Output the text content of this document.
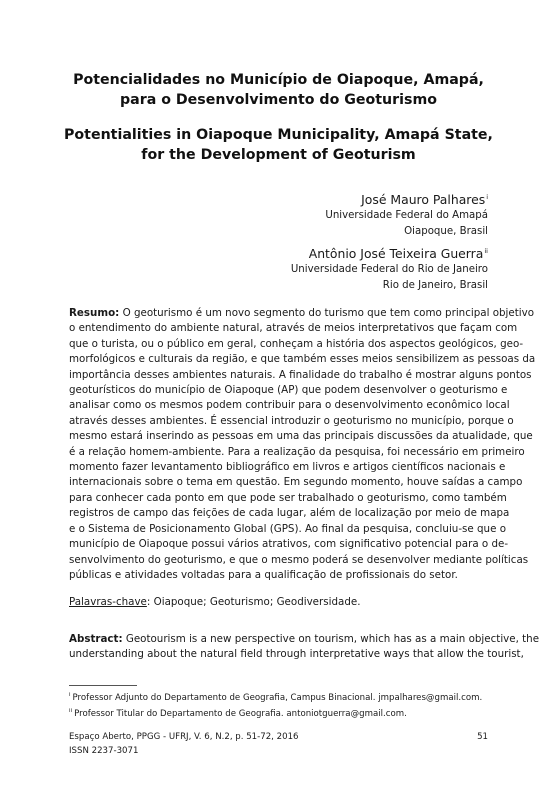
Potencialidades no Município de Oiapoque, Amapá,
para o Desenvolvimento do Geoturismo
Potentialities in Oiapoque Municipality, Amapá State,
for the Development of Geoturism
José Mauro Palhares$^i$
Universidade Federal do Amapá
Oiapoque, Brasil
Antônio José Teixeira Guerra$^{ii}$
Universidade Federal do Rio de Janeiro
Rio de Janeiro, Brasil
Resumo: O geoturismo é um novo segmento do turismo que tem como principal objetivo
o entendimento do ambiente natural, através de meios interpretativos que façam com
que o turista, ou o público em geral, conheçam a história dos aspectos geológicos, geo-
morfológicos e culturais da região, e que também esses meios sensibilizem as pessoas da
importância desses ambientes naturais. A finalidade do trabalho é mostrar alguns pontos
geoturísticos do município de Oiapoque (AP) que podem desenvolver o geoturismo e
analisar como os mesmos podem contribuir para o desenvolvimento econômico local
através desses ambientes. É essencial introduzir o geoturismo no município, porque o
mesmo estará inserindo as pessoas em uma das principais discussões da atualidade, que
é a relação homem-ambiente. Para a realização da pesquisa, foi necessário em primeiro
momento fazer levantamento bibliográfico em livros e artigos científicos nacionais e
internacionais sobre o tema em questão. Em segundo momento, houve saídas a campo
para conhecer cada ponto em que pode ser trabalhado o geoturismo, como também
registros de campo das feições de cada lugar, além de localização por meio de mapa
e o Sistema de Posicionamento Global (GPS). Ao final da pesquisa, concluiu-se que o
município de Oiapoque possui vários atrativos, com significativo potencial para o de-
senvolvimento do geoturismo, e que o mesmo poderá se desenvolver mediante políticas
públicas e atividades voltadas para a qualificação de profissionais do setor.
Palavras-chave: Oiapoque; Geoturismo; Geodiversidade.
Abstract: Geotourism is a new perspective on tourism, which has as a main objective, the
understanding about the natural field through interpretative ways that allow the tourist,
$^i$ Professor Adjunto do Departamento de Geografia, Campus Binacional. jmpalhares@gmail.com.
$^{ii}$ Professor Titular do Departamento de Geografia. antoniotguerra@gmail.com.
Espaço Aberto, PPGG - UFRJ, V. 6, N.2, p. 51-72, 2016	51
ISSN 2237-3071
